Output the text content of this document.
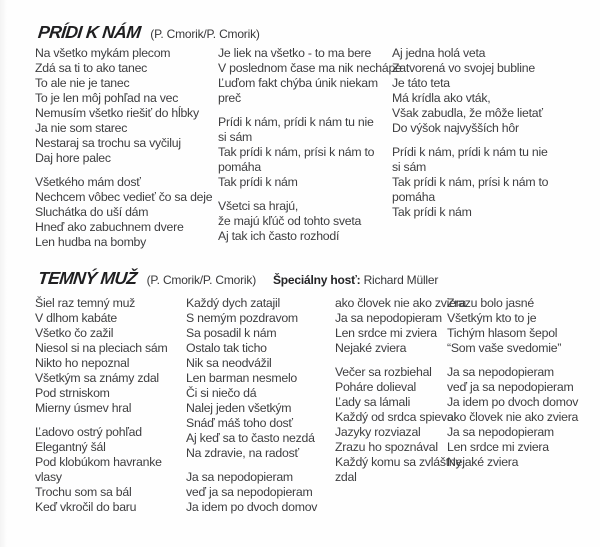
PRÍDI K NÁM (P. Cmorik/P. Cmorik)
Na všetko mykám plecom
Zdá sa ti to ako tanec
To ale nie je tanec
To je len môj pohľad na vec
Nemusím všetko riešiť do hĺbky
Ja nie som starec
Nestaraj sa trochu sa vyčiluj
Daj hore palec
Všetkého mám dosť
Nechcem vôbec vedieť čo sa deje
Sluchátka do uší dám
Hneď ako zabuchnem dvere
Len hudba na bomby
Je liek na všetko - to ma bere
V poslednom čase ma nik nechápe
Ľuďom fakt chýba únik niekam
preč
Prídi k nám, prídi k nám tu nie
si sám
Tak prídi k nám, prísi k nám to
pomáha
Tak prídi k nám
Všetci sa hrajú,
že majú kľúč od tohto sveta
Aj tak ich často rozhodí
Aj jedna holá veta
Zatvorená vo svojej bubline
Je táto teta
Má krídla ako vták,
Však zabudla, že môže lietať
Do výšok najvyšších hôr
Prídi k nám, prídi k nám tu nie
si sám
Tak prídi k nám, prísi k nám to
pomáha
Tak prídi k nám
TEMNÝ MUŽ (P. Cmorik/P. Cmorik) Špeciálny hosť: Richard Müller
Šiel raz temný muž
V dlhom kabáte
Všetko čo zažil
Niesol si na pleciach sám
Nikto ho nepoznal
Všetkým sa známy zdal
Pod strniskom
Mierny úsmev hral
Ľadovo ostrý pohľad
Elegantný šál
Pod klobúkom havranke
vlasy
Trochu som sa bál
Keď vkročil do baru
Každý dych zatajil
S nemým pozdravom
Sa posadil k nám
Ostalo tak ticho
Nik sa neodvážil
Len barman nesmelo
Či si niečo dá
Nalej jeden všetkým
Snáď máš toho dosť
Aj keď sa to často nezdá
Na zdravie, na radosť
Ja sa nepodopieram
veď ja sa nepodopieram
Ja idem po dvoch domov
ako človek nie ako zviera
Ja sa nepodopieram
Len srdce mi zviera
Nejaké zviera
Večer sa rozbiehal
Poháre dolieval
Ľady sa lámali
Každý od srdca spieval
Jazyky rozviazal
Zrazu ho spoznával
Každý komu sa zvláštny
zdal
Zrazu bolo jasné
Všetkým kto to je
Tichým hlasom šepol
“Som vaše svedomie”
Ja sa nepodopieram
veď ja sa nepodopieram
Ja idem po dvoch domov
ako človek nie ako zviera
Ja sa nepodopieram
Len srdce mi zviera
Nejaké zviera
